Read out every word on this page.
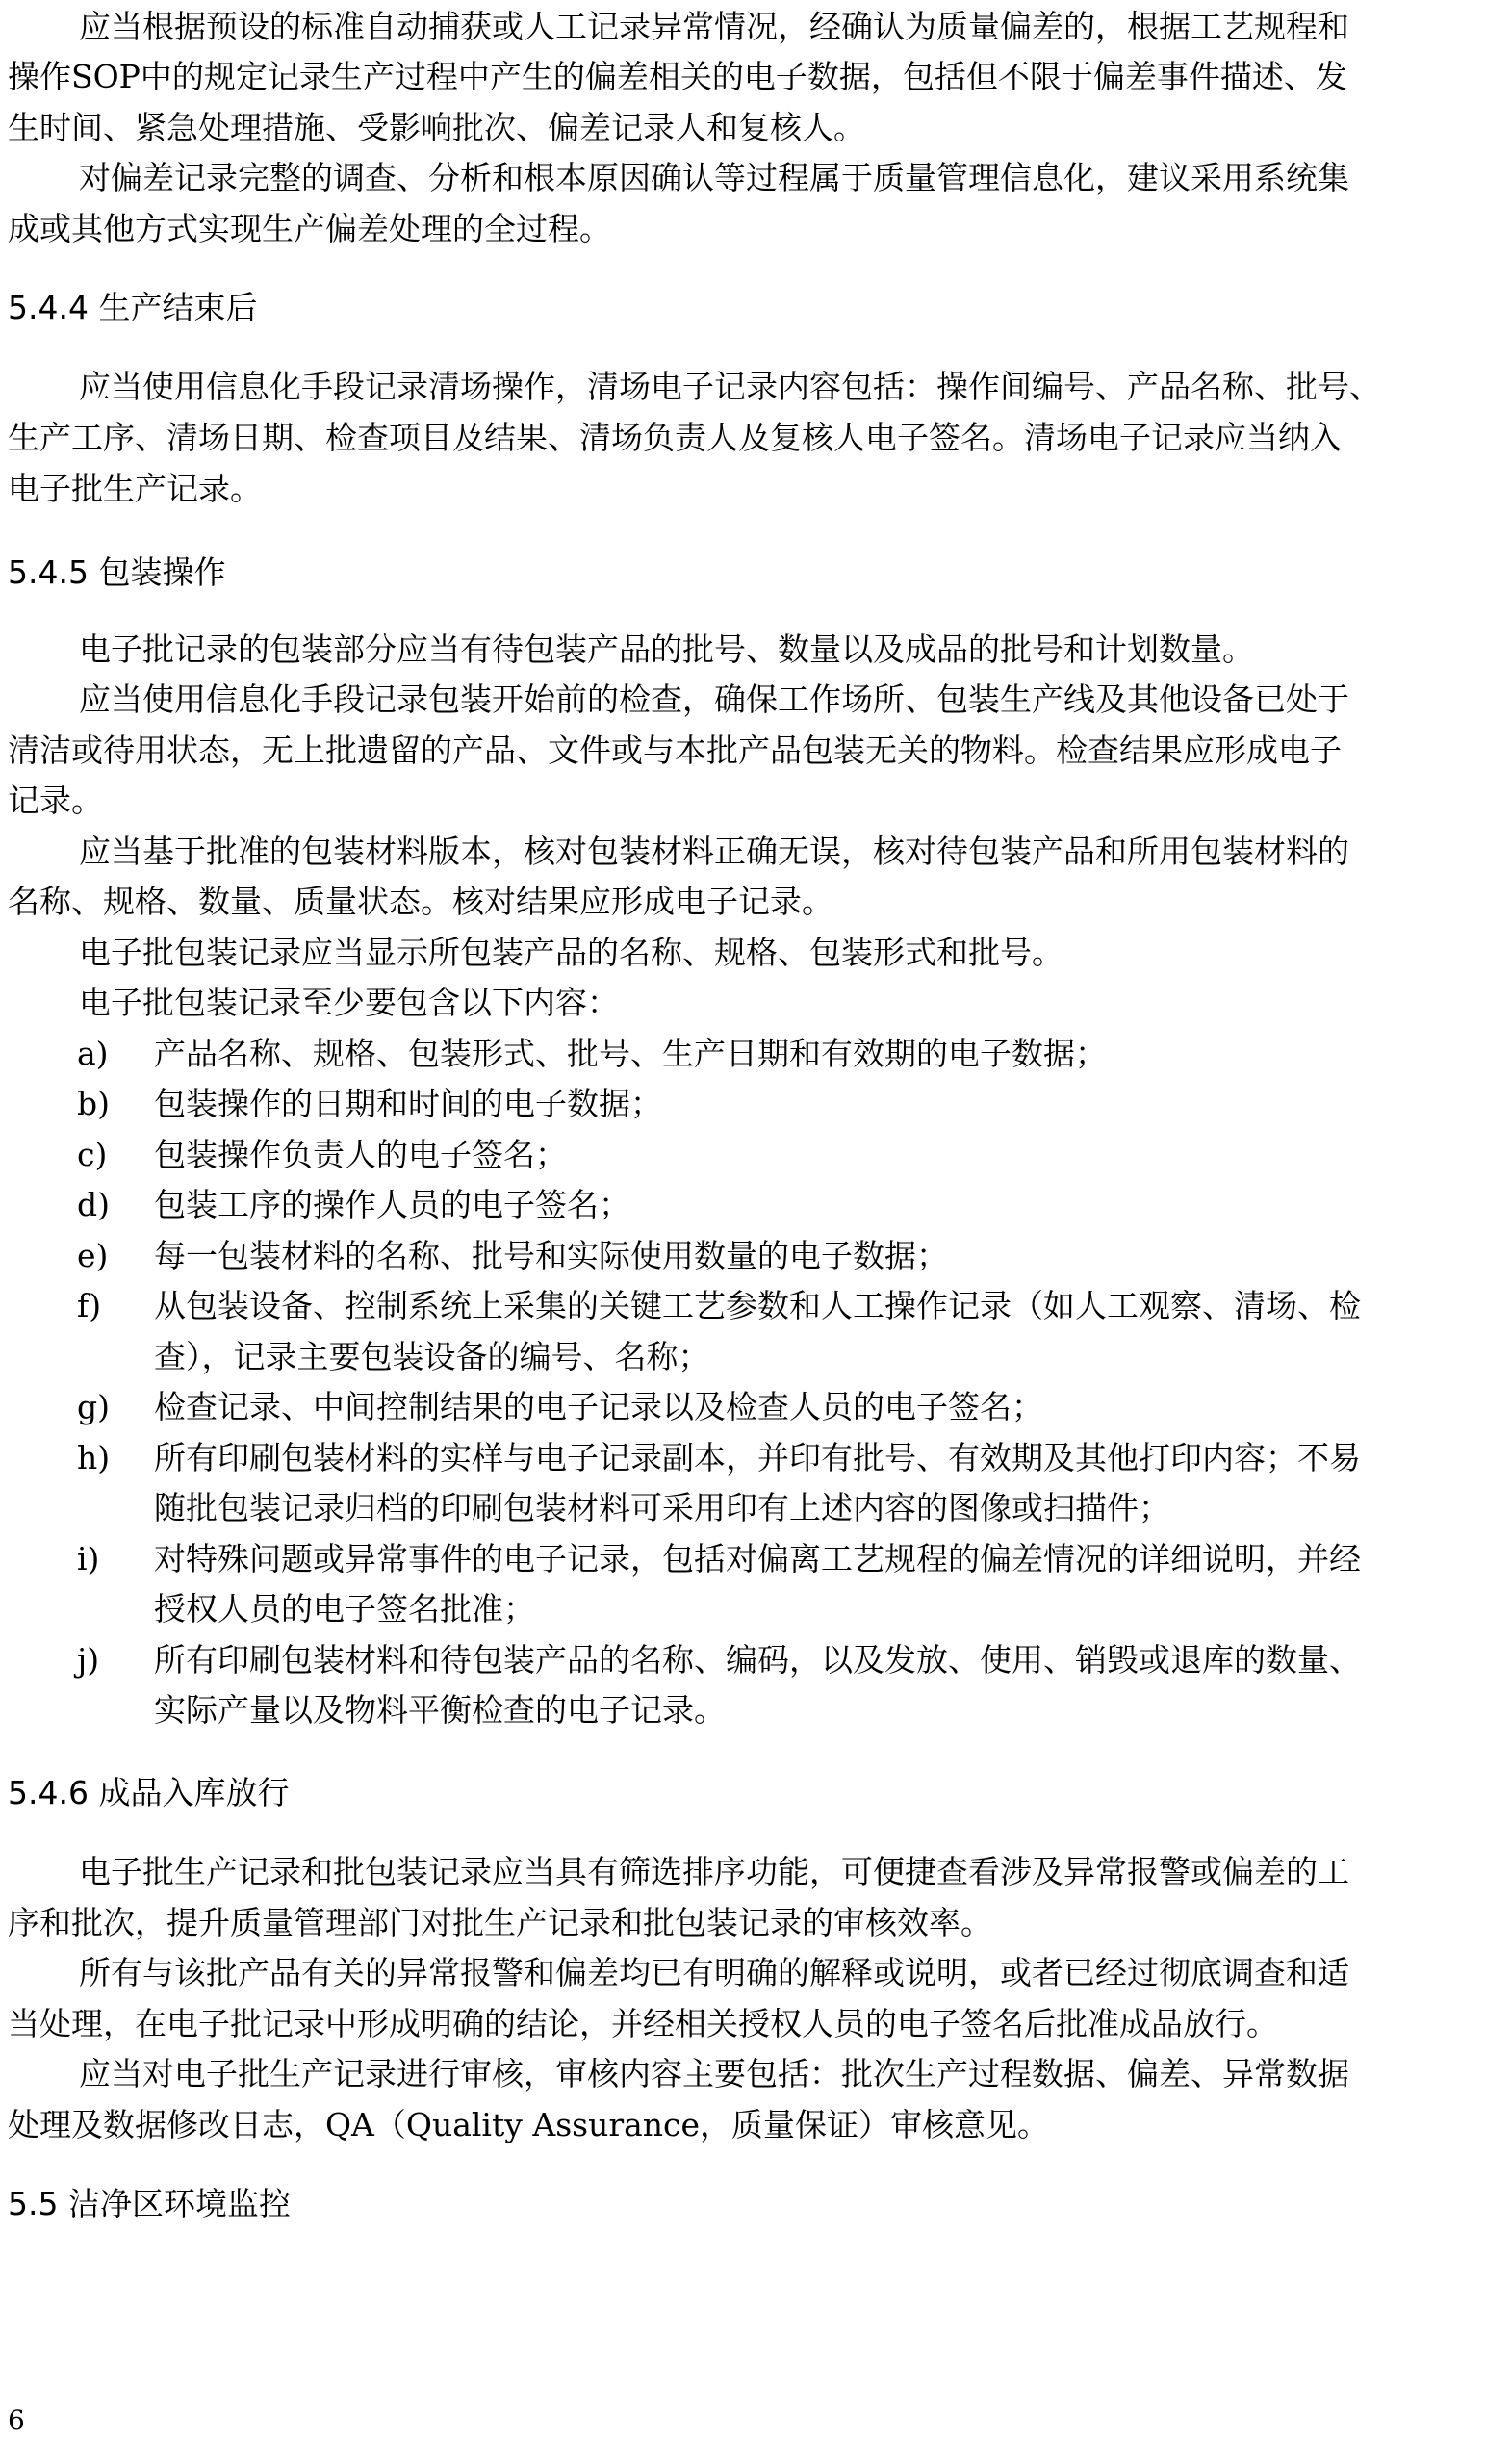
应当根据预设的标准自动捕获或人工记录异常情况，经确认为质量偏差的，根据工艺规程和
操作SOP中的规定记录生产过程中产生的偏差相关的电子数据，包括但不限于偏差事件描述、发
生时间、紧急处理措施、受影响批次、偏差记录人和复核人。
对偏差记录完整的调查、分析和根本原因确认等过程属于质量管理信息化，建议采用系统集
成或其他方式实现生产偏差处理的全过程。
5.4.4 生产结束后
应当使用信息化手段记录清场操作，清场电子记录内容包括：操作间编号、产品名称、批号、
生产工序、清场日期、检查项目及结果、清场负责人及复核人电子签名。清场电子记录应当纳入
电子批生产记录。
5.4.5 包装操作
电子批记录的包装部分应当有待包装产品的批号、数量以及成品的批号和计划数量。
应当使用信息化手段记录包装开始前的检查，确保工作场所、包装生产线及其他设备已处于
清洁或待用状态，无上批遗留的产品、文件或与本批产品包装无关的物料。检查结果应形成电子
记录。
应当基于批准的包装材料版本，核对包装材料正确无误，核对待包装产品和所用包装材料的
名称、规格、数量、质量状态。核对结果应形成电子记录。
电子批包装记录应当显示所包装产品的名称、规格、包装形式和批号。
电子批包装记录至少要包含以下内容：
a) 产品名称、规格、包装形式、批号、生产日期和有效期的电子数据；
b) 包装操作的日期和时间的电子数据；
c) 包装操作负责人的电子签名；
d) 包装工序的操作人员的电子签名；
e) 每一包装材料的名称、批号和实际使用数量的电子数据；
f) 从包装设备、控制系统上采集的关键工艺参数和人工操作记录（如人工观察、清场、检
查），记录主要包装设备的编号、名称；
g) 检查记录、中间控制结果的电子记录以及检查人员的电子签名；
h) 所有印刷包装材料的实样与电子记录副本，并印有批号、有效期及其他打印内容；不易
随批包装记录归档的印刷包装材料可采用印有上述内容的图像或扫描件；
i) 对特殊问题或异常事件的电子记录，包括对偏离工艺规程的偏差情况的详细说明，并经
授权人员的电子签名批准；
j) 所有印刷包装材料和待包装产品的名称、编码，以及发放、使用、销毁或退库的数量、
实际产量以及物料平衡检查的电子记录。
5.4.6 成品入库放行
电子批生产记录和批包装记录应当具有筛选排序功能，可便捷查看涉及异常报警或偏差的工
序和批次，提升质量管理部门对批生产记录和批包装记录的审核效率。
所有与该批产品有关的异常报警和偏差均已有明确的解释或说明，或者已经过彻底调查和适
当处理，在电子批记录中形成明确的结论，并经相关授权人员的电子签名后批准成品放行。
应当对电子批生产记录进行审核，审核内容主要包括：批次生产过程数据、偏差、异常数据
处理及数据修改日志，QA（Quality Assurance，质量保证）审核意见。
5.5 洁净区环境监控
6
